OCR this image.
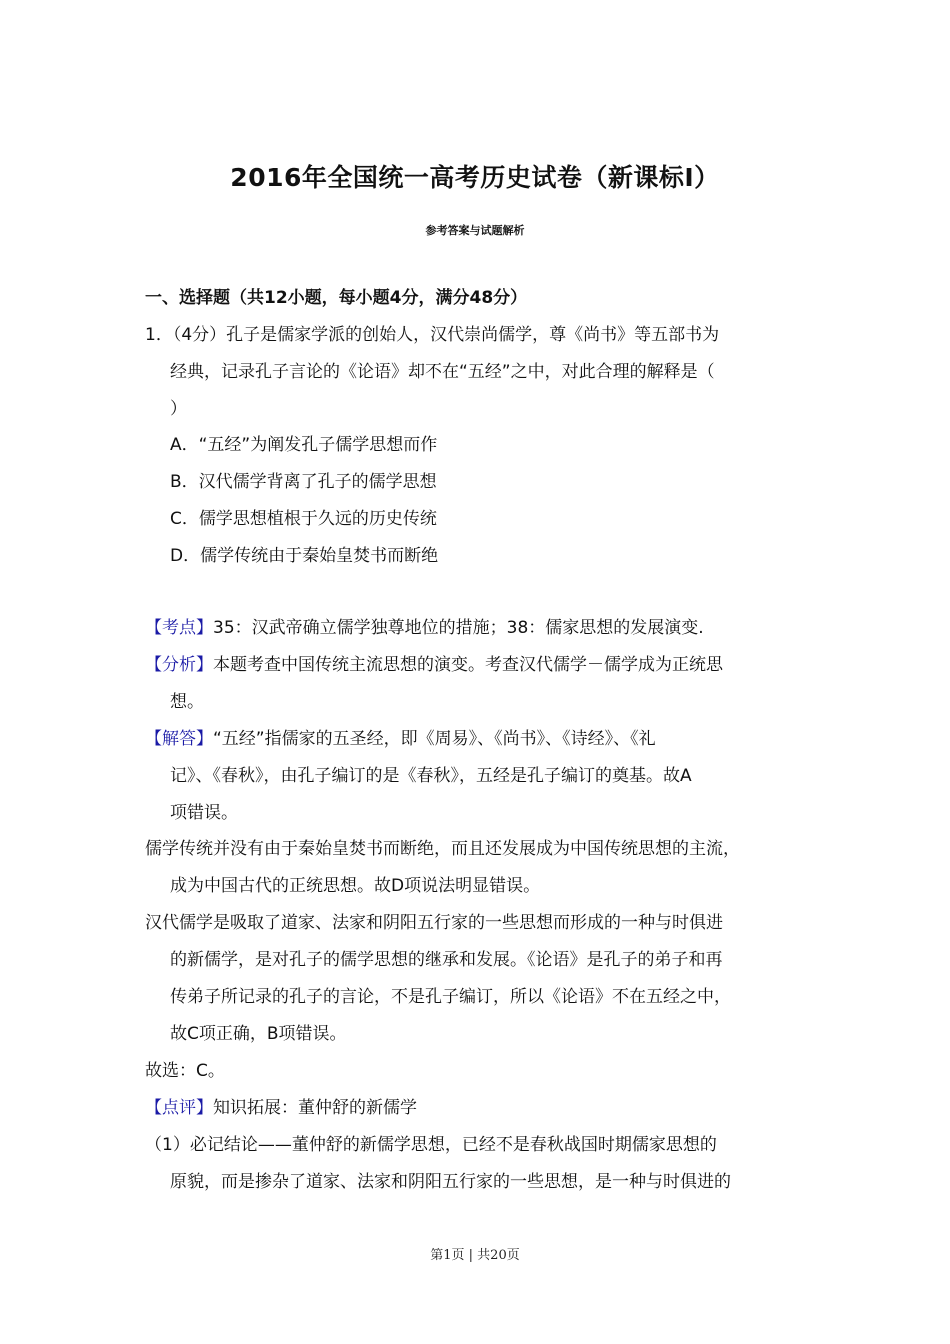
2016年全国统一高考历史试卷（新课标Ⅰ）
参考答案与试题解析
一、选择题（共12小题，每小题4分，满分48分）
1．（4分）孔子是儒家学派的创始人，汉代崇尚儒学，尊《尚书》等五部书为
经典，记录孔子言论的《论语》却不在“五经”之中，对此合理的解释是（
）
A．“五经”为阐发孔子儒学思想而作
B．汉代儒学背离了孔子的儒学思想
C．儒学思想植根于久远的历史传统
D．儒学传统由于秦始皇焚书而断绝
【考点】35：汉武帝确立儒学独尊地位的措施；38：儒家思想的发展演变.
【分析】本题考查中国传统主流思想的演变。考查汉代儒学－儒学成为正统思
想。
【解答】“五经”指儒家的五圣经，即《周易》、《尚书》、《诗经》、《礼
记》、《春秋》，由孔子编订的是《春秋》，五经是孔子编订的奠基。故A
项错误。
儒学传统并没有由于秦始皇焚书而断绝，而且还发展成为中国传统思想的主流，
成为中国古代的正统思想。故D项说法明显错误。
汉代儒学是吸取了道家、法家和阴阳五行家的一些思想而形成的一种与时俱进
的新儒学，是对孔子的儒学思想的继承和发展。《论语》是孔子的弟子和再
传弟子所记录的孔子的言论，不是孔子编订，所以《论语》不在五经之中，
故C项正确，B项错误。
故选：C。
【点评】知识拓展：董仲舒的新儒学
（1）必记结论——董仲舒的新儒学思想，已经不是春秋战国时期儒家思想的
原貌，而是掺杂了道家、法家和阴阳五行家的一些思想，是一种与时俱进的
第1页 | 共20页
